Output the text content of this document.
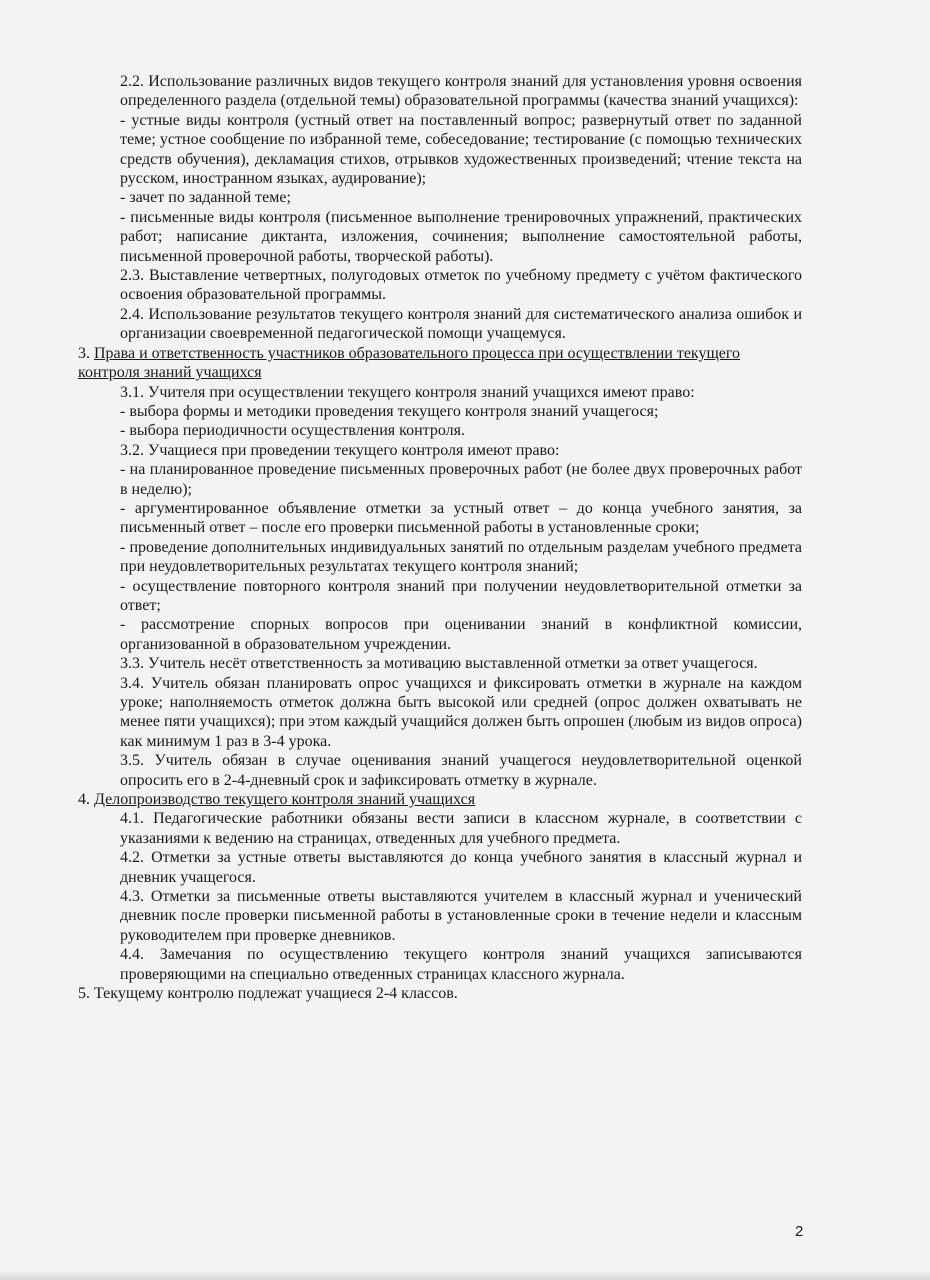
2.2. Использование различных видов текущего контроля знаний для установления уровня освоения определенного раздела (отдельной темы) образовательной программы (качества знаний учащихся):

- устные виды контроля (устный ответ на поставленный вопрос; развернутый ответ по заданной теме; устное сообщение по избранной теме, собеседование; тестирование (с помощью технических средств обучения), декламация стихов, отрывков художественных произведений; чтение текста на русском, иностранном языках, аудирование);

- зачет по заданной теме;

- письменные виды контроля (письменное выполнение тренировочных упражнений, практических работ; написание диктанта, изложения, сочинения; выполнение самостоятельной работы, письменной проверочной работы, творческой работы).

2.3. Выставление четвертных, полугодовых отметок по учебному предмету с учётом фактического освоения образовательной программы.

2.4. Использование результатов текущего контроля знаний для систематического анализа ошибок и организации своевременной педагогической помощи учащемуся.

3. Права и ответственность участников образовательного процесса при осуществлении текущего контроля знаний учащихся

3.1. Учителя при осуществлении текущего контроля знаний учащихся имеют право:

- выбора формы и методики проведения текущего контроля знаний учащегося;

- выбора периодичности осуществления контроля.

3.2. Учащиеся при проведении текущего контроля имеют право:

- на планированное проведение письменных проверочных работ (не более двух проверочных работ в неделю);

- аргументированное объявление отметки за устный ответ – до конца учебного занятия, за письменный ответ – после его проверки письменной работы в установленные сроки;

- проведение дополнительных индивидуальных занятий по отдельным разделам учебного предмета при неудовлетворительных результатах текущего контроля знаний;

- осуществление повторного контроля знаний при получении неудовлетворительной отметки за ответ;

- рассмотрение спорных вопросов при оценивании знаний в конфликтной комиссии, организованной в образовательном учреждении.

3.3. Учитель несёт ответственность за мотивацию выставленной отметки за ответ учащегося.

3.4. Учитель обязан планировать опрос учащихся и фиксировать отметки в журнале на каждом уроке; наполняемость отметок должна быть высокой или средней (опрос должен охватывать не менее пяти учащихся); при этом каждый учащийся должен быть опрошен (любым из видов опроса) как минимум 1 раз в 3-4 урока.

3.5. Учитель обязан в случае оценивания знаний учащегося неудовлетворительной оценкой опросить его в 2-4-дневный срок и зафиксировать отметку в журнале.

4. Делопроизводство текущего контроля знаний учащихся

4.1. Педагогические работники обязаны вести записи в классном журнале, в соответствии с указаниями к ведению на страницах, отведенных для учебного предмета.

4.2. Отметки за устные ответы выставляются до конца учебного занятия в классный журнал и дневник учащегося.

4.3. Отметки за письменные ответы выставляются учителем в классный журнал и ученический дневник после проверки письменной работы в установленные сроки в течение недели и классным руководителем при проверке дневников.

4.4. Замечания по осуществлению текущего контроля знаний учащихся записываются проверяющими на специально отведенных страницах классного журнала.

5. Текущему контролю подлежат учащиеся 2-4 классов.

2
